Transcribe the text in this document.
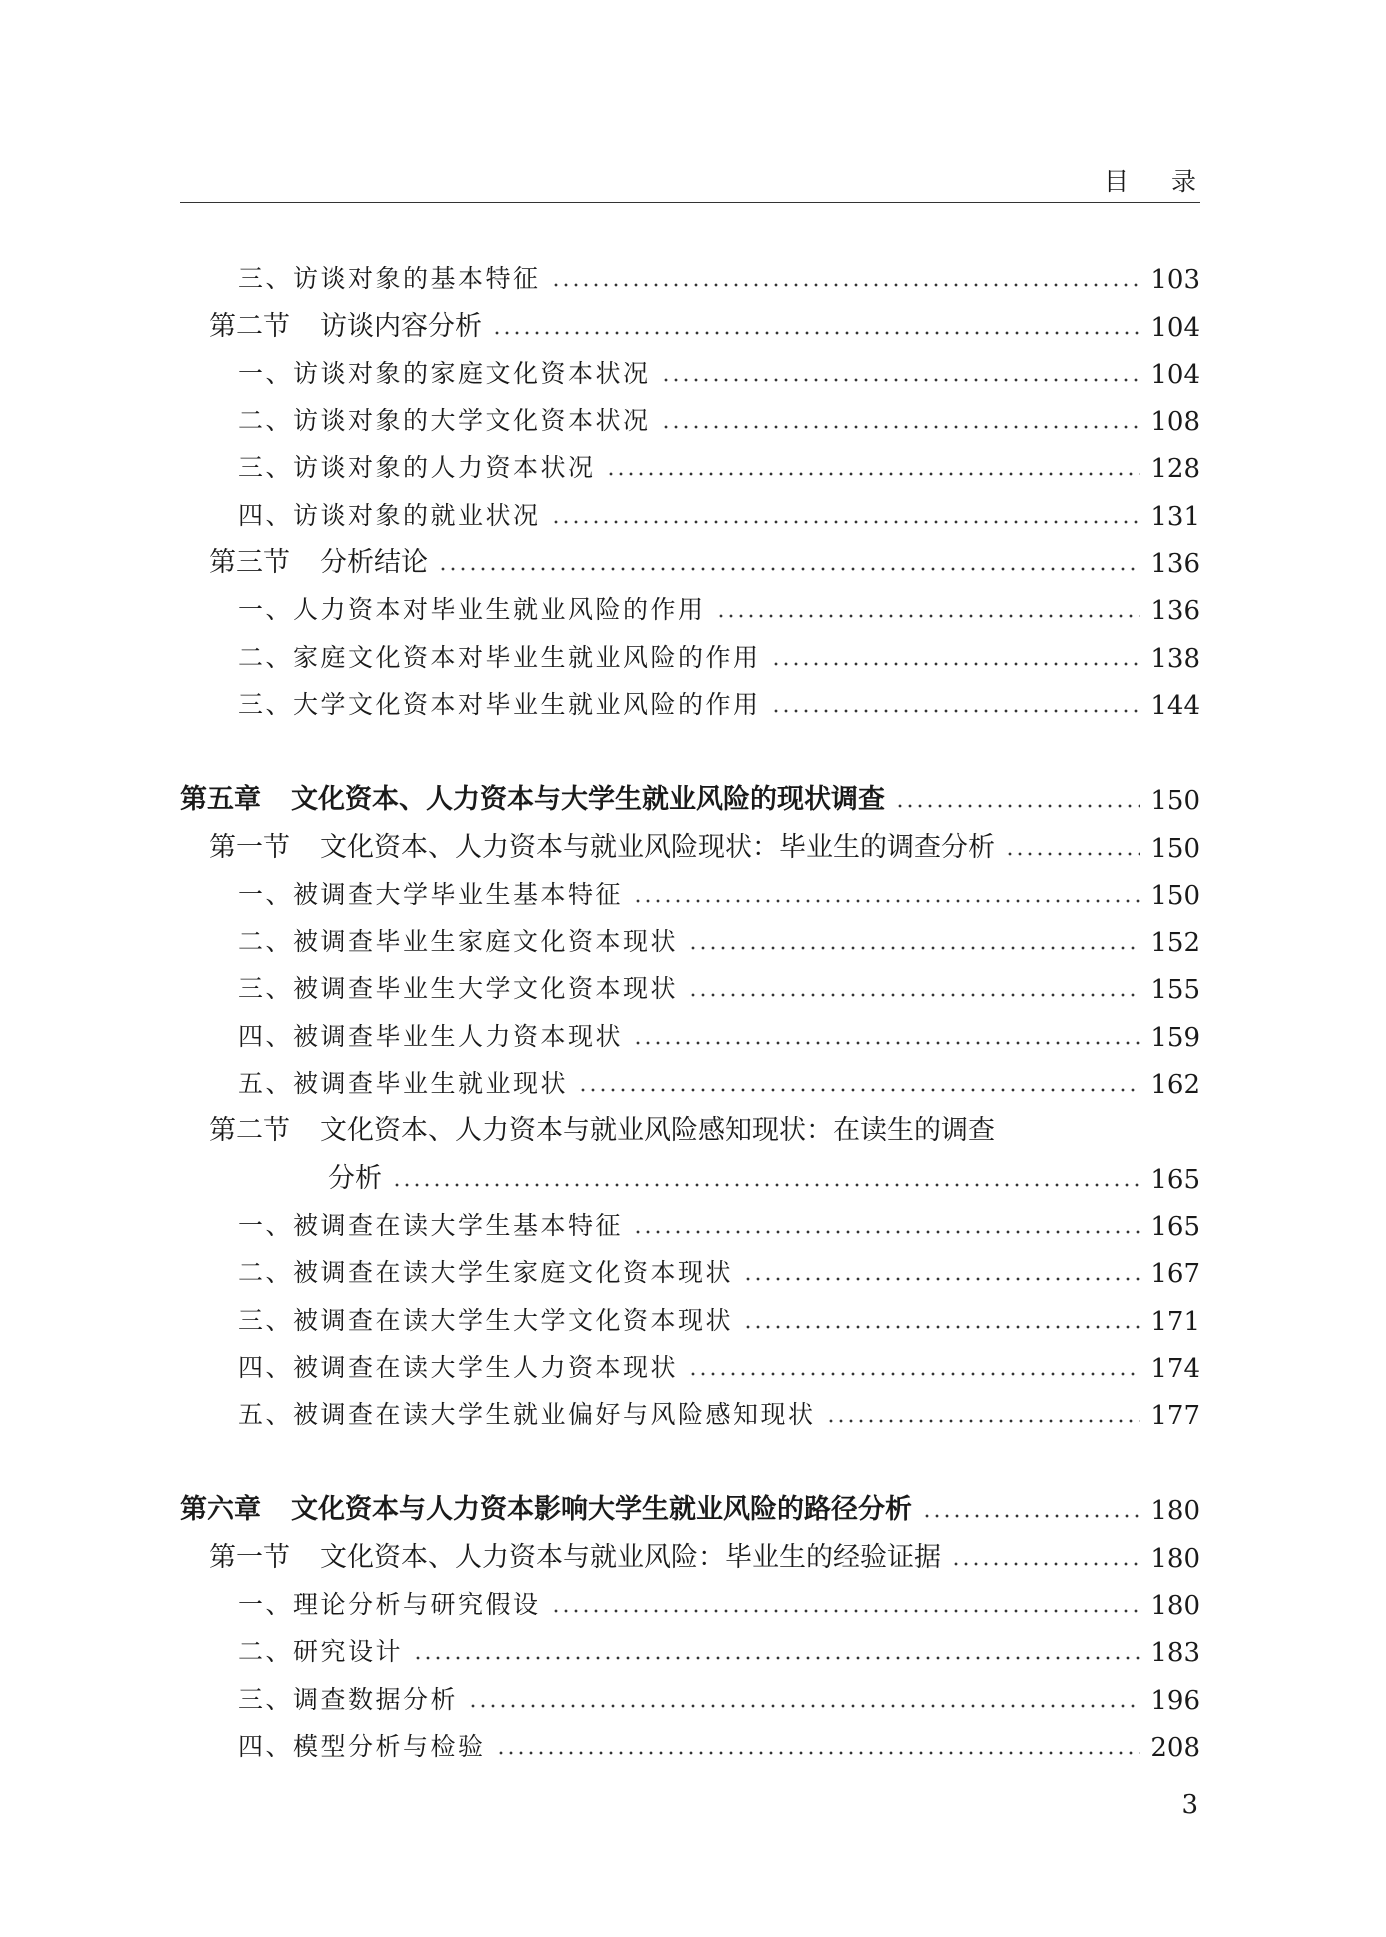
目录
三、访谈对象的基本特征	103
第二节 访谈内容分析	104
一、访谈对象的家庭文化资本状况	104
二、访谈对象的大学文化资本状况	108
三、访谈对象的人力资本状况	128
四、访谈对象的就业状况	131
第三节 分析结论	136
一、人力资本对毕业生就业风险的作用	136
二、家庭文化资本对毕业生就业风险的作用	138
三、大学文化资本对毕业生就业风险的作用	144
第五章 文化资本、人力资本与大学生就业风险的现状调查	150
第一节 文化资本、人力资本与就业风险现状：毕业生的调查分析	150
一、被调查大学毕业生基本特征	150
二、被调查毕业生家庭文化资本现状	152
三、被调查毕业生大学文化资本现状	155
四、被调查毕业生人力资本现状	159
五、被调查毕业生就业现状	162
第二节 文化资本、人力资本与就业风险感知现状：在读生的调查
分析	165
一、被调查在读大学生基本特征	165
二、被调查在读大学生家庭文化资本现状	167
三、被调查在读大学生大学文化资本现状	171
四、被调查在读大学生人力资本现状	174
五、被调查在读大学生就业偏好与风险感知现状	177
第六章 文化资本与人力资本影响大学生就业风险的路径分析	180
第一节 文化资本、人力资本与就业风险：毕业生的经验证据	180
一、理论分析与研究假设	180
二、研究设计	183
三、调查数据分析	196
四、模型分析与检验	208
3
